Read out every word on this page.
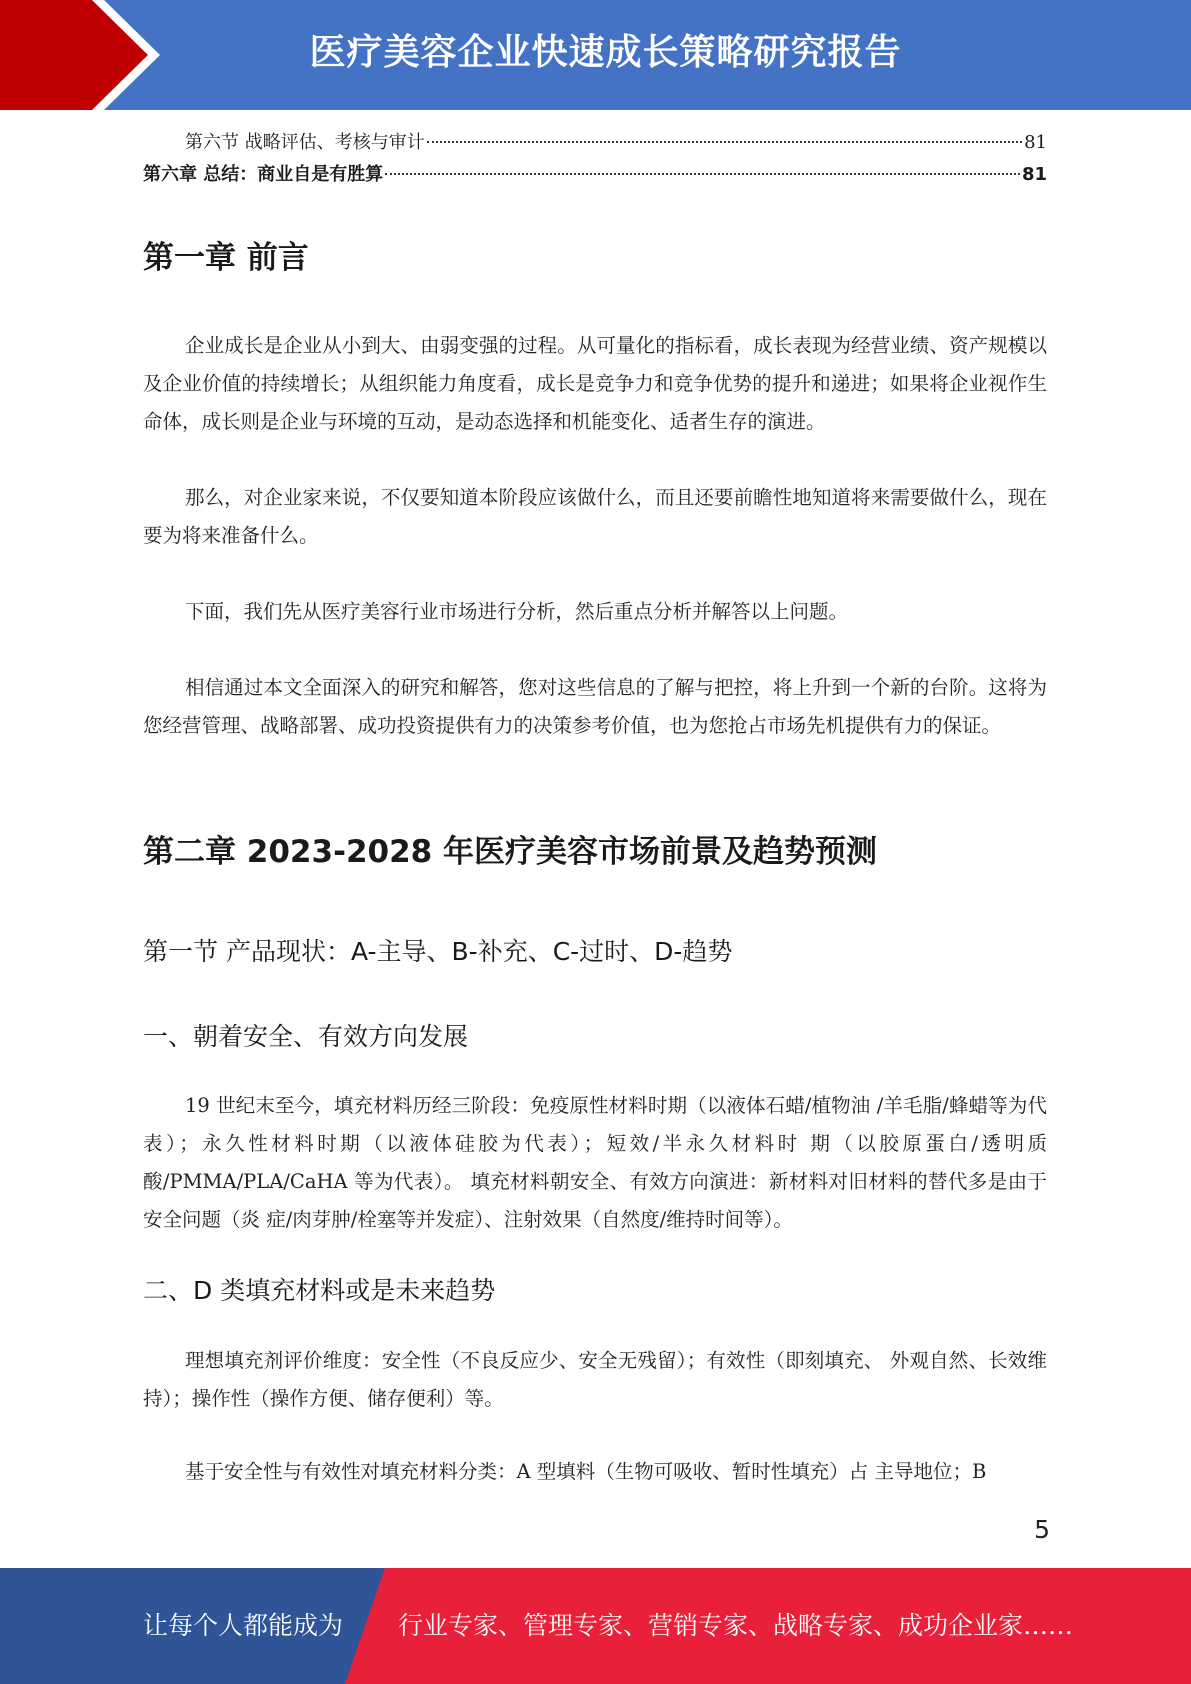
医疗美容企业快速成长策略研究报告
第六节 战略评估、考核与审计	81
第六章 总结：商业自是有胜算	81
第一章 前言
企业成长是企业从小到大、由弱变强的过程。从可量化的指标看，成长表现为经营业绩、资产规模以及企业价值的持续增长；从组织能力角度看，成长是竞争力和竞争优势的提升和递进；如果将企业视作生命体，成长则是企业与环境的互动，是动态选择和机能变化、适者生存的演进。
那么，对企业家来说，不仅要知道本阶段应该做什么，而且还要前瞻性地知道将来需要做什么，现在要为将来准备什么。
下面，我们先从医疗美容行业市场进行分析，然后重点分析并解答以上问题。
相信通过本文全面深入的研究和解答，您对这些信息的了解与把控，将上升到一个新的台阶。这将为您经营管理、战略部署、成功投资提供有力的决策参考价值，也为您抢占市场先机提供有力的保证。
第二章 2023-2028 年医疗美容市场前景及趋势预测
第一节 产品现状：A-主导、B-补充、C-过时、D-趋势
一、朝着安全、有效方向发展
19 世纪末至今，填充材料历经三阶段：免疫原性材料时期（以液体石蜡/植物油 /羊毛脂/蜂蜡等为代表）；永久性材料时期（以液体硅胶为代表）；短效/半永久材料时 期（以胶原蛋白/透明质酸/PMMA/PLA/CaHA 等为代表）。 填充材料朝安全、有效方向演进：新材料对旧材料的替代多是由于安全问题（炎 症/肉芽肿/栓塞等并发症）、注射效果（自然度/维持时间等）。
二、D 类填充材料或是未来趋势
理想填充剂评价维度：安全性（不良反应少、安全无残留）；有效性（即刻填充、 外观自然、长效维持）；操作性（操作方便、储存便利）等。
基于安全性与有效性对填充材料分类：A 型填料（生物可吸收、暂时性填充）占 主导地位；B
5
让每个人都能成为 行业专家、管理专家、营销专家、战略专家、成功企业家……
